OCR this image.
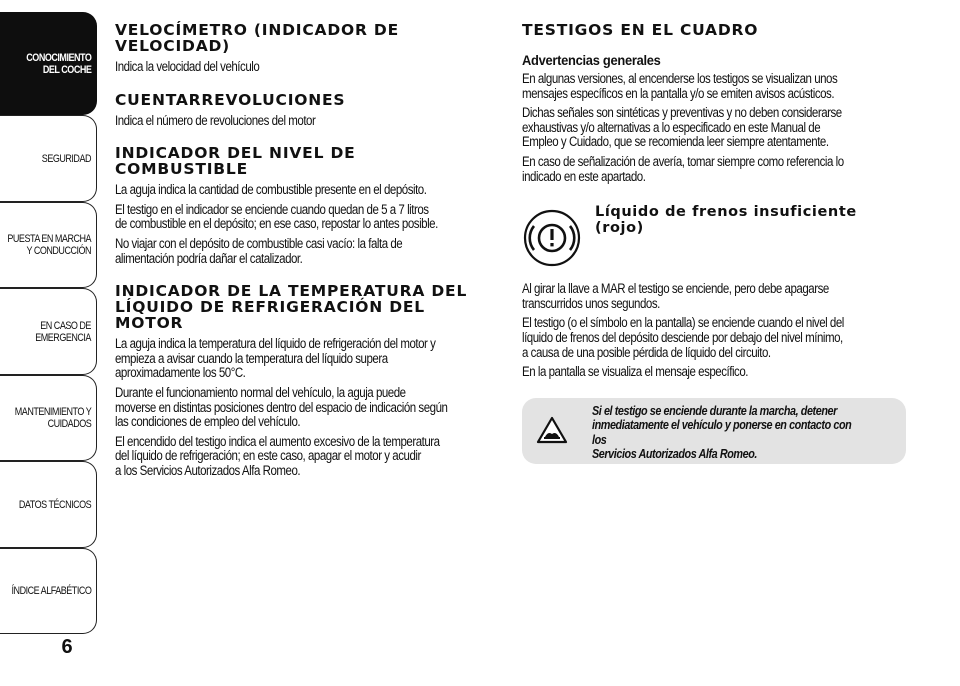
CONOCIMIENTO
DEL COCHE
SEGURIDAD
PUESTA EN MARCHA
Y CONDUCCIÓN
EN CASO DE
EMERGENCIA
MANTENIMIENTO Y
CUIDADOS
DATOS TÉCNICOS
ÍNDICE ALFABÉTICO
6
VELOCÍMETRO (INDICADOR DE
VELOCIDAD)

Indica la velocidad del vehículo

CUENTARREVOLUCIONES

Indica el número de revoluciones del motor

INDICADOR DEL NIVEL DE
COMBUSTIBLE

La aguja indica la cantidad de combustible presente en el depósito.

El testigo en el indicador se enciende cuando quedan de 5 a 7 litros
de combustible en el depósito; en ese caso, repostar lo antes posible.

No viajar con el depósito de combustible casi vacío: la falta de
alimentación podría dañar el catalizador.

INDICADOR DE LA TEMPERATURA DEL
LÍQUIDO DE REFRIGERACIÓN DEL
MOTOR

La aguja indica la temperatura del líquido de refrigeración del motor y
empieza a avisar cuando la temperatura del líquido supera
aproximadamente los 50°C.

Durante el funcionamiento normal del vehículo, la aguja puede
moverse en distintas posiciones dentro del espacio de indicación según
las condiciones de empleo del vehículo.

El encendido del testigo indica el aumento excesivo de la temperatura
del líquido de refrigeración; en este caso, apagar el motor y acudir
a los Servicios Autorizados Alfa Romeo.

TESTIGOS EN EL CUADRO
Advertencias generales

En algunas versiones, al encenderse los testigos se visualizan unos
mensajes específicos en la pantalla y/o se emiten avisos acústicos.

Dichas señales son sintéticas y preventivas y no deben considerarse
exhaustivas y/o alternativas a lo especificado en este Manual de
Empleo y Cuidado, que se recomienda leer siempre atentamente.

En caso de señalización de avería, tomar siempre como referencia lo
indicado en este apartado.

Líquido de frenos insuficiente
(rojo)

Al girar la llave a MAR el testigo se enciende, pero debe apagarse
transcurridos unos segundos.

El testigo (o el símbolo en la pantalla) se enciende cuando el nivel del
líquido de frenos del depósito desciende por debajo del nivel mínimo,
a causa de una posible pérdida de líquido del circuito.

En la pantalla se visualiza el mensaje específico.

Si el testigo se enciende durante la marcha, detener
inmediatamente el vehículo y ponerse en contacto con los
Servicios Autorizados Alfa Romeo.
